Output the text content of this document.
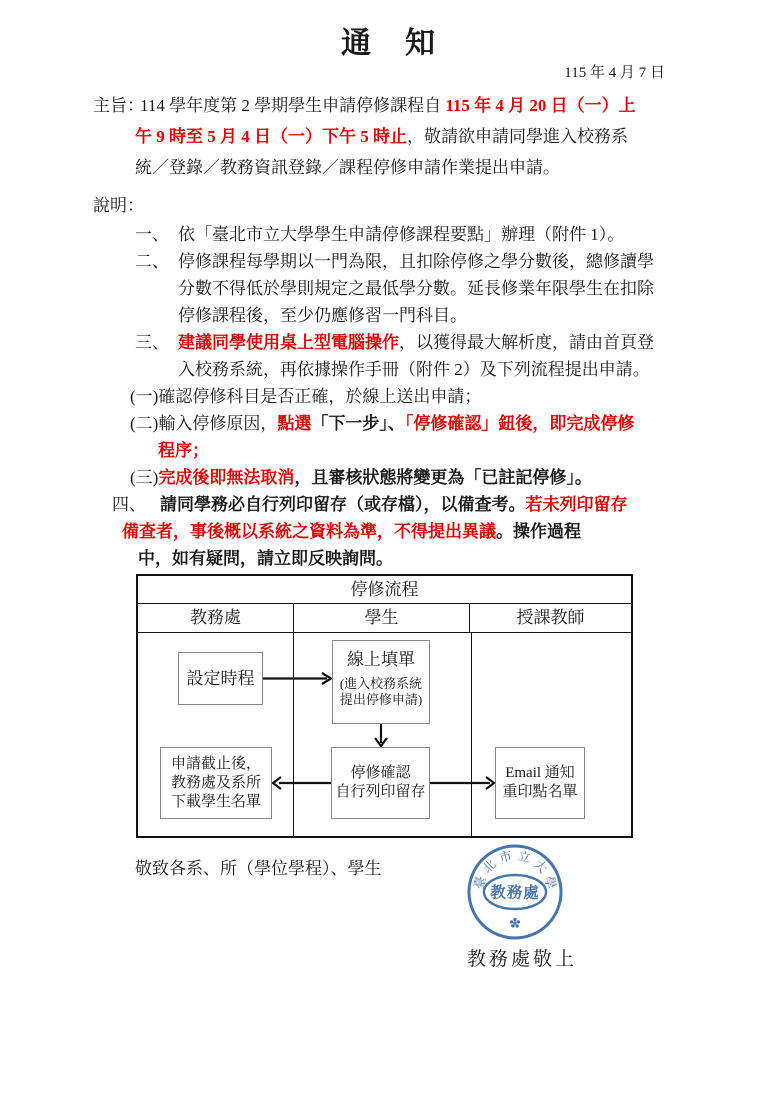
通　知
115 年 4 月 7 日
主旨：114 學年度第 2 學期學生申請停修課程自 115 年 4 月 20 日（一）上
午 9 時至 5 月 4 日（一）下午 5 時止，敬請欲申請同學進入校務系
統／登錄／教務資訊登錄／課程停修申請作業提出申請。
說明：
一、 依「臺北市立大學學生申請停修課程要點」辦理（附件 1）。
二、 停修課程每學期以一門為限，且扣除停修之學分數後，總修讀學
分數不得低於學則規定之最低學分數。延長修業年限學生在扣除
停修課程後，至少仍應修習一門科目。
三、 建議同學使用桌上型電腦操作，以獲得最大解析度，請由首頁登
入校務系統，再依據操作手冊（附件 2）及下列流程提出申請。
(一)確認停修科目是否正確，於線上送出申請；
(二)輸入停修原因，點選「下一步」、「停修確認」鈕後，即完成停修
程序；
(三)完成後即無法取消，且審核狀態將變更為「已註記停修」。
四、 請同學務必自行列印留存（或存檔），以備查考。若未列印留存
備查者，事後概以系統之資料為準，不得提出異議。操作過程
中，如有疑問，請立即反映詢問。
停修流程
教務處	學生	授課教師
設定時程
線上填單
(進入校務系統
提出停修申請)
停修確認
自行列印留存
申請截止後，
教務處及系所
下載學生名單
Email 通知
重印點名單
敬致各系、所（學位學程）、學生
教務處敬上
教務處
臺
北
市 立
大
學
